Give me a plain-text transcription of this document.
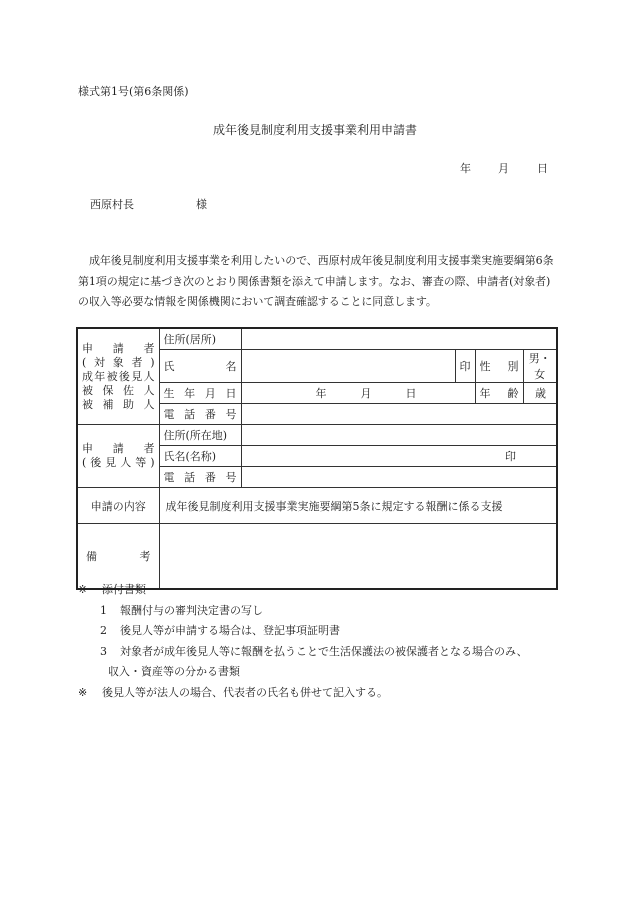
様式第1号(第6条関係)
成年後見制度利用支援事業利用申請書
年 月	日
西原村長	様
成年後見制度利用支援事業を利用したいので、西原村成年後見制度利用支援事業実施要綱第6条第1項の規定に基づき次のとおり関係書類を添えて申請します。なお、審査の際、申請者(対象者)の収入等必要な情報を関係機関において調査確認することに同意します。
申請者
(対象者)
成年被後見人
被保佐人
被補助人	住所(居所)				
	氏名		印	性別	男・女
	生年月日	年 月 日		年齢	歳
	電話番号				

申請者
(後見人等)	住所(所在地)				
	氏名(名称)	印			
	電話番号				
申請の内容	成年後見制度利用支援事業実施要綱第5条に規定する報酬に係る支援				
備考					
※ 添付書類
1 報酬付与の審判決定書の写し
2 後見人等が申請する場合は、登記事項証明書
3 対象者が成年後見人等に報酬を払うことで生活保護法の被保護者となる場合のみ、
収入・資産等の分かる書類
※ 後見人等が法人の場合、代表者の氏名も併せて記入する。
